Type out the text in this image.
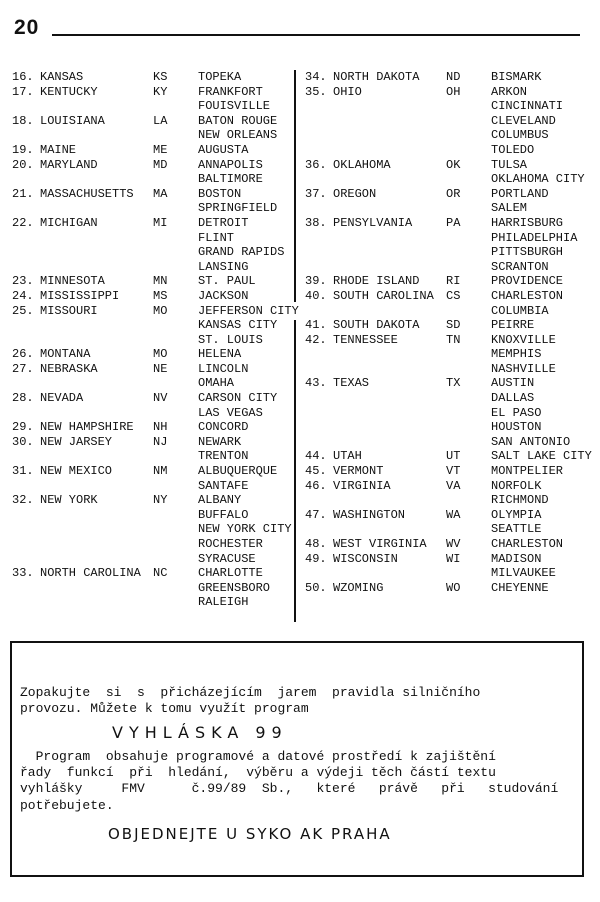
20
16. KANSAS	KS	TOPEKA
17. KENTUCKY	KY	FRANKFORT
FOUISVILLE
18. LOUISIANA	LA	BATON ROUGE
NEW ORLEANS
19. MAINE	ME	AUGUSTA
20. MARYLAND	MD	ANNAPOLIS
BALTIMORE
21. MASSACHUSETTS MA	BOSTON
SPRINGFIELD
22. MICHIGAN	MI	DETROIT
FLINT
GRAND RAPIDS
LANSING
23. MINNESOTA	MN	ST. PAUL
24. MISSISSIPPI	MS	JACKSON
25. MISSOURI	MO	JEFFERSON CITY
KANSAS CITY
ST. LOUIS
26. MONTANA	MO	HELENA
27. NEBRASKA	NE	LINCOLN
OMAHA
28. NEVADA	NV	CARSON CITY
LAS VEGAS
29. NEW HAMPSHIRE NH	CONCORD
30. NEW JARSEY	NJ	NEWARK
TRENTON
31. NEW MEXICO	NM	ALBUQUERQUE
SANTAFE
32. NEW YORK	NY	ALBANY
BUFFALO
NEW YORK CITY
ROCHESTER
SYRACUSE
33. NORTH CAROLINA NC	CHARLOTTE
GREENSBORO
RALEIGH
34. NORTH DAKOTA ND	BISMARK
35. OHIO	OH	ARKON
CINCINNATI
CLEVELAND
COLUMBUS
TOLEDO
36. OKLAHOMA	OK	TULSA
OKLAHOMA CITY
37. OREGON	OR	PORTLAND
SALEM
38. PENSYLVANIA	PA	HARRISBURG
PHILADELPHIA
PITTSBURGH
SCRANTON
39. RHODE ISLAND RI	PROVIDENCE
40. SOUTH CAROLINA CS	CHARLESTON
COLUMBIA
41. SOUTH DAKOTA SD	PEIRRE
42. TENNESSEE	TN	KNOXVILLE
MEMPHIS
NASHVILLE
43. TEXAS	TX	AUSTIN
DALLAS
EL PASO
HOUSTON
SAN ANTONIO
44. UTAH	UT	SALT LAKE CITY
45. VERMONT	VT	MONTPELIER
46. VIRGINIA	VA	NORFOLK
RICHMOND
47. WASHINGTON	WA	OLYMPIA
SEATTLE
48. WEST VIRGINIA WV	CHARLESTON
49. WISCONSIN	WI	MADISON
MILVAUKEE
50. WZOMING	WO	CHEYENNE
Zopakujte  si  s  přicházejícím  jarem  pravidla silničního
provozu. Můžete k tomu využít program
VYHLÁSKA 99
Program  obsahuje programové a datové prostředí k zajištění
řady  funkcí  při  hledání,  výběru a výdeji těch částí textu
vyhlášky     FMV      č.99/89  Sb.,   které   právě   při   studování
potřebujete.
OBJEDNEJTE U SYKO AK PRAHA
